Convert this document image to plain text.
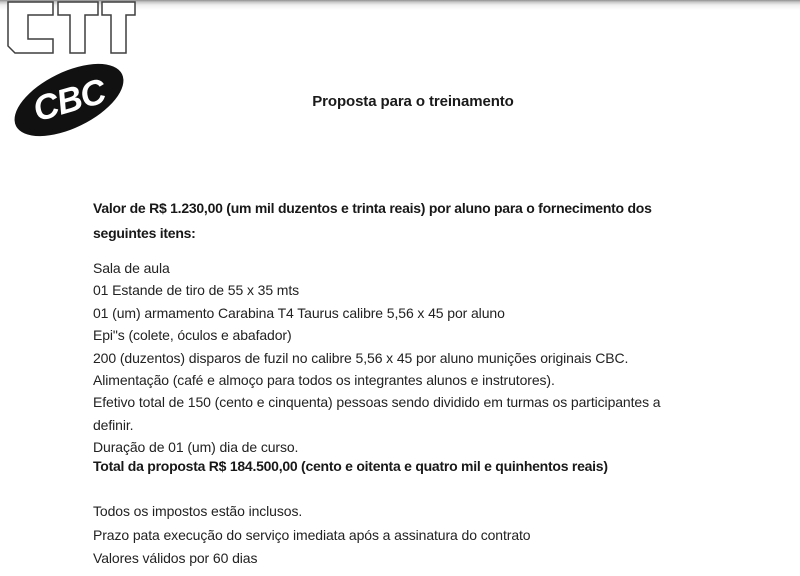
CBC	Proposta para o treinamento
Valor de R$ 1.230,00 (um mil duzentos e trinta reais) por aluno para o fornecimento dos
seguintes itens:
Sala de aula
01 Estande de tiro de 55 x 35 mts
01 (um) armamento Carabina T4 Taurus calibre 5,56 x 45 por aluno
Epi"s (colete, óculos e abafador)
200 (duzentos) disparos de fuzil no calibre 5,56 x 45 por aluno munições originais CBC.
Alimentação (café e almoço para todos os integrantes alunos e instrutores).
Efetivo total de 150 (cento e cinquenta) pessoas sendo dividido em turmas os participantes a
definir.
Duração de 01 (um) dia de curso.
Total da proposta R$ 184.500,00 (cento e oitenta e quatro mil e quinhentos reais)
Todos os impostos estão inclusos.
Prazo pata execução do serviço imediata após a assinatura do contrato
Valores válidos por 60 dias
